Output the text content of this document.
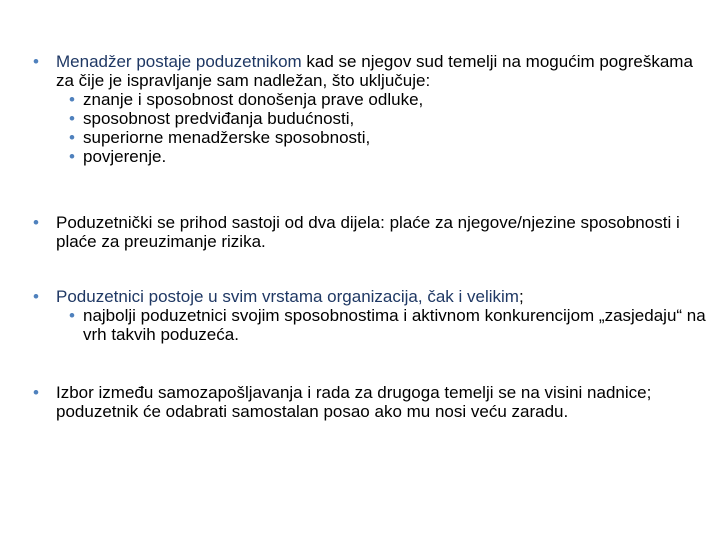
• Menadžer postaje poduzetnikom kad se njegov sud temelji na mogućim pogreškama za čije je ispravljanje sam nadležan, što uključuje:
• znanje i sposobnost donošenja prave odluke,
• sposobnost predviđanja budućnosti,
• superiorne menadžerske sposobnosti,
• povjerenje.
• Poduzetnički se prihod sastoji od dva dijela: plaće za njegove/njezine sposobnosti i plaće za preuzimanje rizika.
• Poduzetnici postoje u svim vrstama organizacija, čak i velikim;
• najbolji poduzetnici svojim sposobnostima i aktivnom konkurencijom „zasjedaju“ na vrh takvih poduzeća.
• Izbor između samozapošljavanja i rada za drugoga temelji se na visini nadnice; poduzetnik će odabrati samostalan posao ako mu nosi veću zaradu.
